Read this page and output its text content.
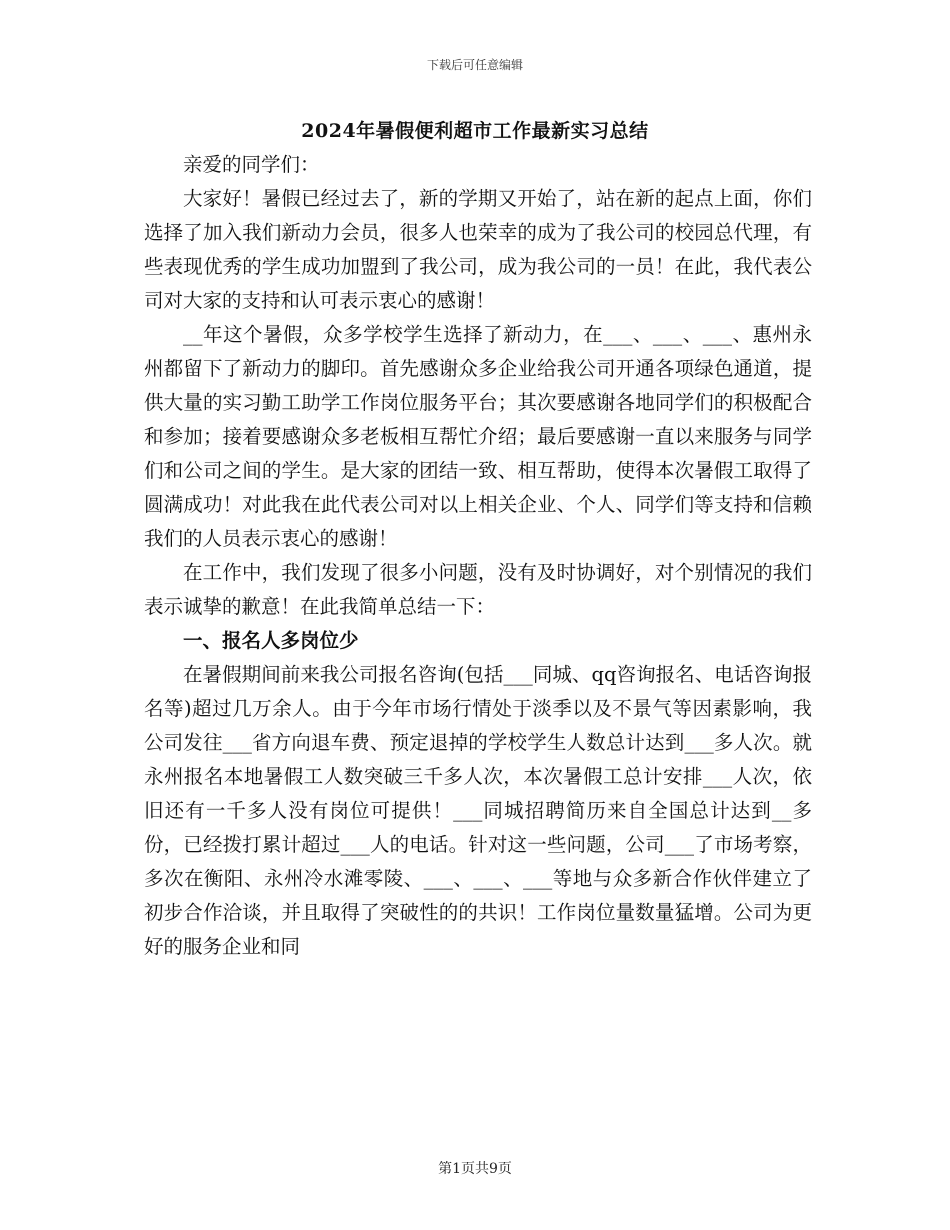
下载后可任意编辑
2024年暑假便利超市工作最新实习总结

亲爱的同学们：

大家好！暑假已经过去了，新的学期又开始了，站在新的起点上面，你们选择了加入我们新动力会员，很多人也荣幸的成为了我公司的校园总代理，有些表现优秀的学生成功加盟到了我公司，成为我公司的一员！在此，我代表公司对大家的支持和认可表示衷心的感谢！

__年这个暑假，众多学校学生选择了新动力，在___、___、___、惠州永州都留下了新动力的脚印。首先感谢众多企业给我公司开通各项绿色通道，提供大量的实习勤工助学工作岗位服务平台；其次要感谢各地同学们的积极配合和参加；接着要感谢众多老板相互帮忙介绍；最后要感谢一直以来服务与同学们和公司之间的学生。是大家的团结一致、相互帮助，使得本次暑假工取得了圆满成功！对此我在此代表公司对以上相关企业、个人、同学们等支持和信赖我们的人员表示衷心的感谢！

在工作中，我们发现了很多小问题，没有及时协调好，对个别情况的我们表示诚挚的歉意！在此我简单总结一下：

一、报名人多岗位少

在暑假期间前来我公司报名咨询(包括___同城、qq咨询报名、电话咨询报名等)超过几万余人。由于今年市场行情处于淡季以及不景气等因素影响，我公司发往___省方向退车费、预定退掉的学校学生人数总计达到___多人次。就永州报名本地暑假工人数突破三千多人次，本次暑假工总计安排___人次，依旧还有一千多人没有岗位可提供！___同城招聘简历来自全国总计达到__多份，已经拨打累计超过___人的电话。针对这一些问题，公司___了市场考察，多次在衡阳、永州冷水滩零陵、___、___、___等地与众多新合作伙伴建立了初步合作洽谈，并且取得了突破性的的共识！工作岗位量数量猛增。公司为更好的服务企业和同

第1页共9页
